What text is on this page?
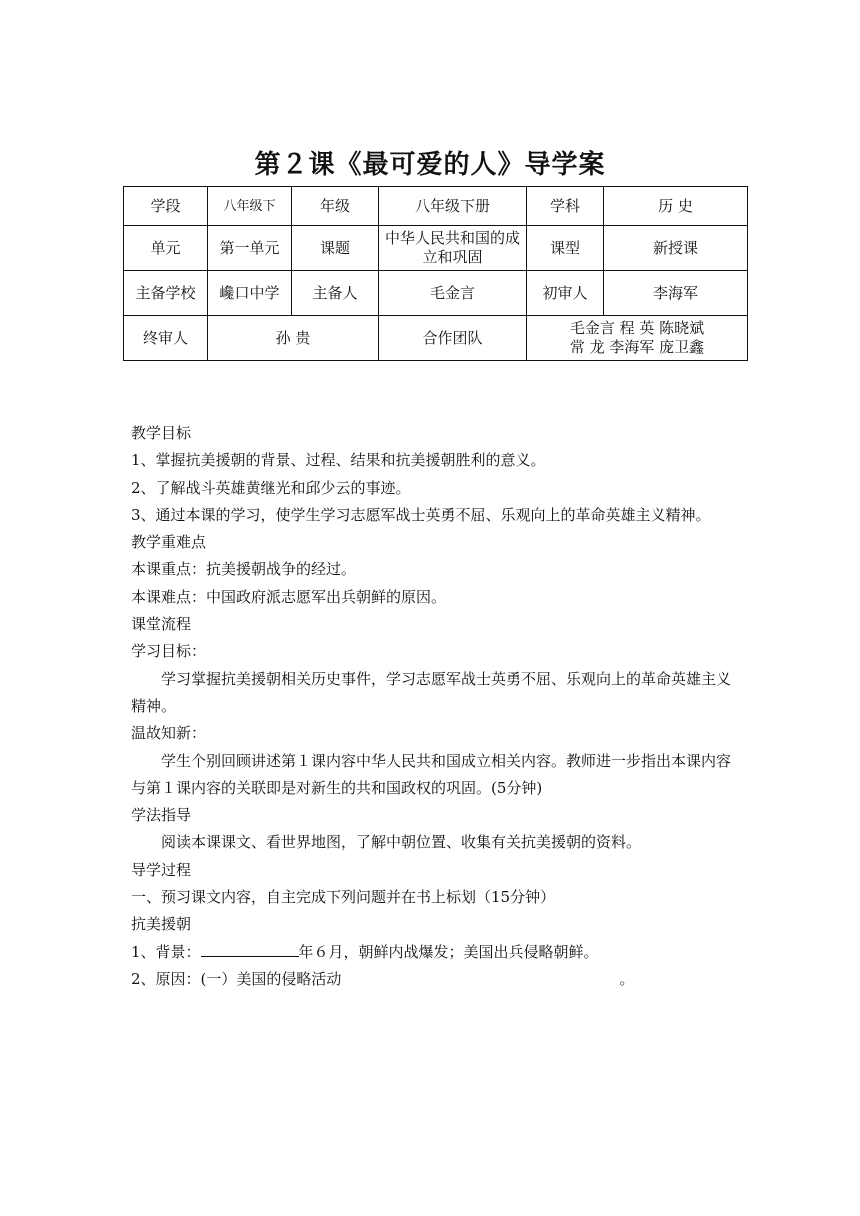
第２课《最可爱的人》导学案
学段	八年级下	年级	八年级下册	学科	历 史
单元	第一单元	课题	中华人民共和国的成立和巩固	课型	新授课
主备学校	巉口中学	主备人	毛金言	初审人	李海军
终审人	孙 贵		合作团队	毛金言 程 英 陈晓斌
常 龙 李海军 庞卫鑫	

教学目标

1、掌握抗美援朝的背景、过程、结果和抗美援朝胜利的意义。

2、了解战斗英雄黄继光和邱少云的事迹。

3、通过本课的学习，使学生学习志愿军战士英勇不屈、乐观向上的革命英雄主义精神。

教学重难点

本课重点：抗美援朝战争的经过。

本课难点：中国政府派志愿军出兵朝鲜的原因。

课堂流程

学习目标：

学习掌握抗美援朝相关历史事件，学习志愿军战士英勇不屈、乐观向上的革命英雄主义精神。

温故知新：

学生个别回顾讲述第１课内容中华人民共和国成立相关内容。教师进一步指出本课内容与第１课内容的关联即是对新生的共和国政权的巩固。(5分钟)

学法指导

阅读本课课文、看世界地图，了解中朝位置、收集有关抗美援朝的资料。

导学过程

一、预习课文内容，自主完成下列问题并在书上标划（15分钟）

抗美援朝

1、背景：	年６月，朝鲜内战爆发；美国出兵侵略朝鲜。

2、原因：(一）美国的侵略活动	。
